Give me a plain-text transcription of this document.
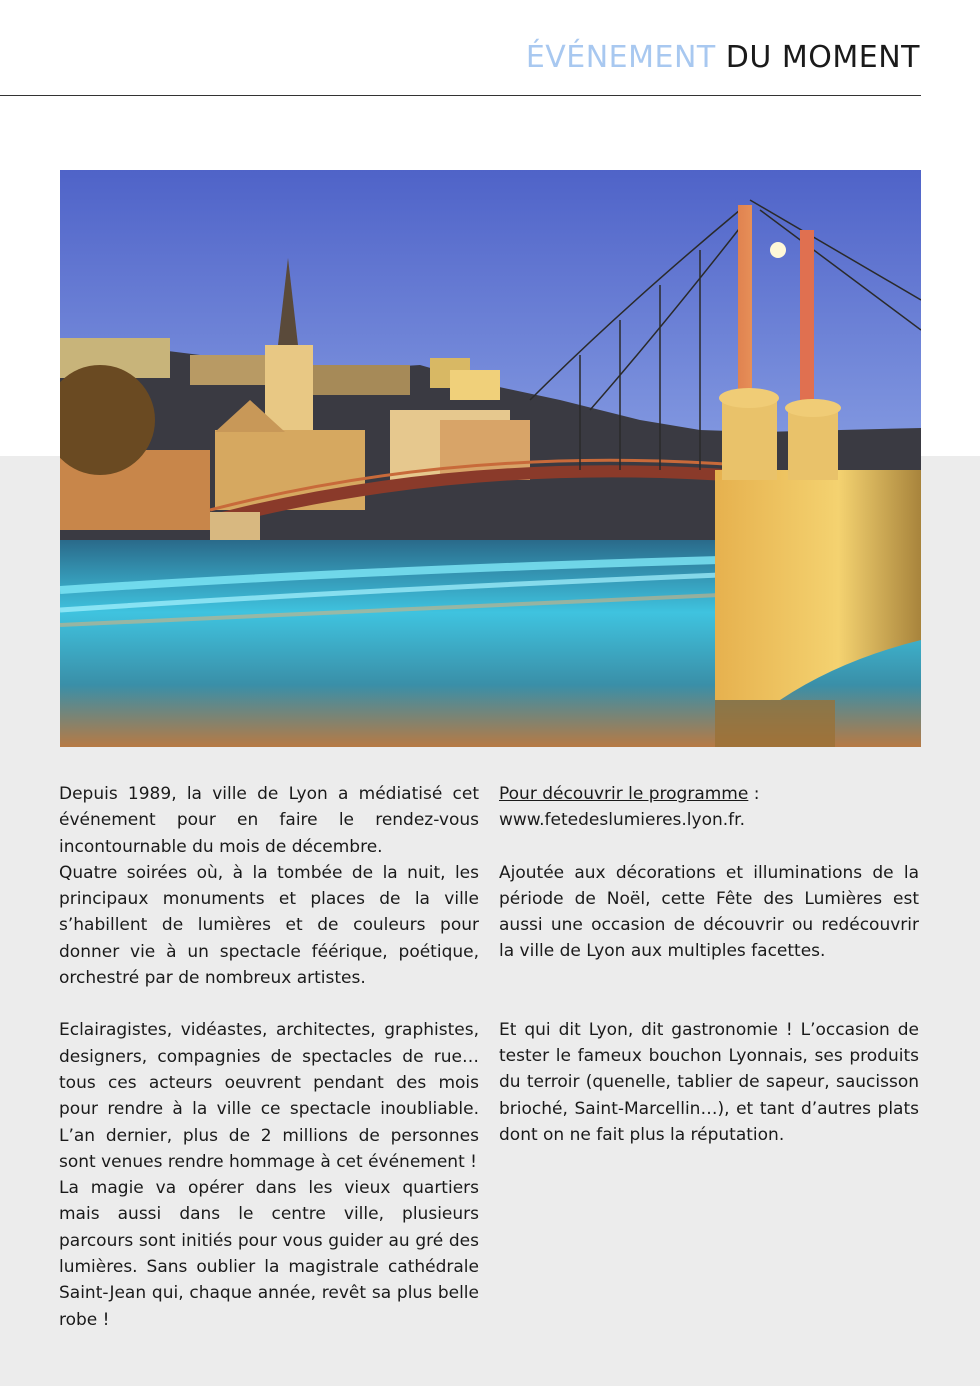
ÉVÉNEMENT DU MOMENT

Depuis 1989, la ville de Lyon a médiatisé cet événement pour en faire le rendez-vous incontournable du mois de décembre.

Quatre soirées où, à la tombée de la nuit, les principaux monuments et places de la ville s’habillent de lumières et de couleurs pour donner vie à un spectacle féérique, poétique, orchestré par de nombreux artistes.

Eclairagistes, vidéastes, architectes, graphistes, designers, compagnies de spectacles de rue… tous ces acteurs oeuvrent pendant des mois pour rendre à la ville ce spectacle inoubliable. L’an dernier, plus de 2 millions de personnes sont venues rendre hommage à cet événement !

La magie va opérer dans les vieux quartiers mais aussi dans le centre ville, plusieurs parcours sont initiés pour vous guider au gré des lumières. Sans oublier la magistrale cathédrale Saint-Jean qui, chaque année, revêt sa plus belle robe !

Pour découvrir le programme :

www.fetedeslumieres.lyon.fr.

Ajoutée aux décorations et illuminations de la période de Noël, cette Fête des Lumières est aussi une occasion de découvrir ou redécouvrir la ville de Lyon aux multiples facettes.

Et qui dit Lyon, dit gastronomie ! L’occasion de tester le fameux bouchon Lyonnais, ses produits du terroir (quenelle, tablier de sapeur, saucisson brioché, Saint-Marcellin…), et tant d’autres plats dont on ne fait plus la réputation.
